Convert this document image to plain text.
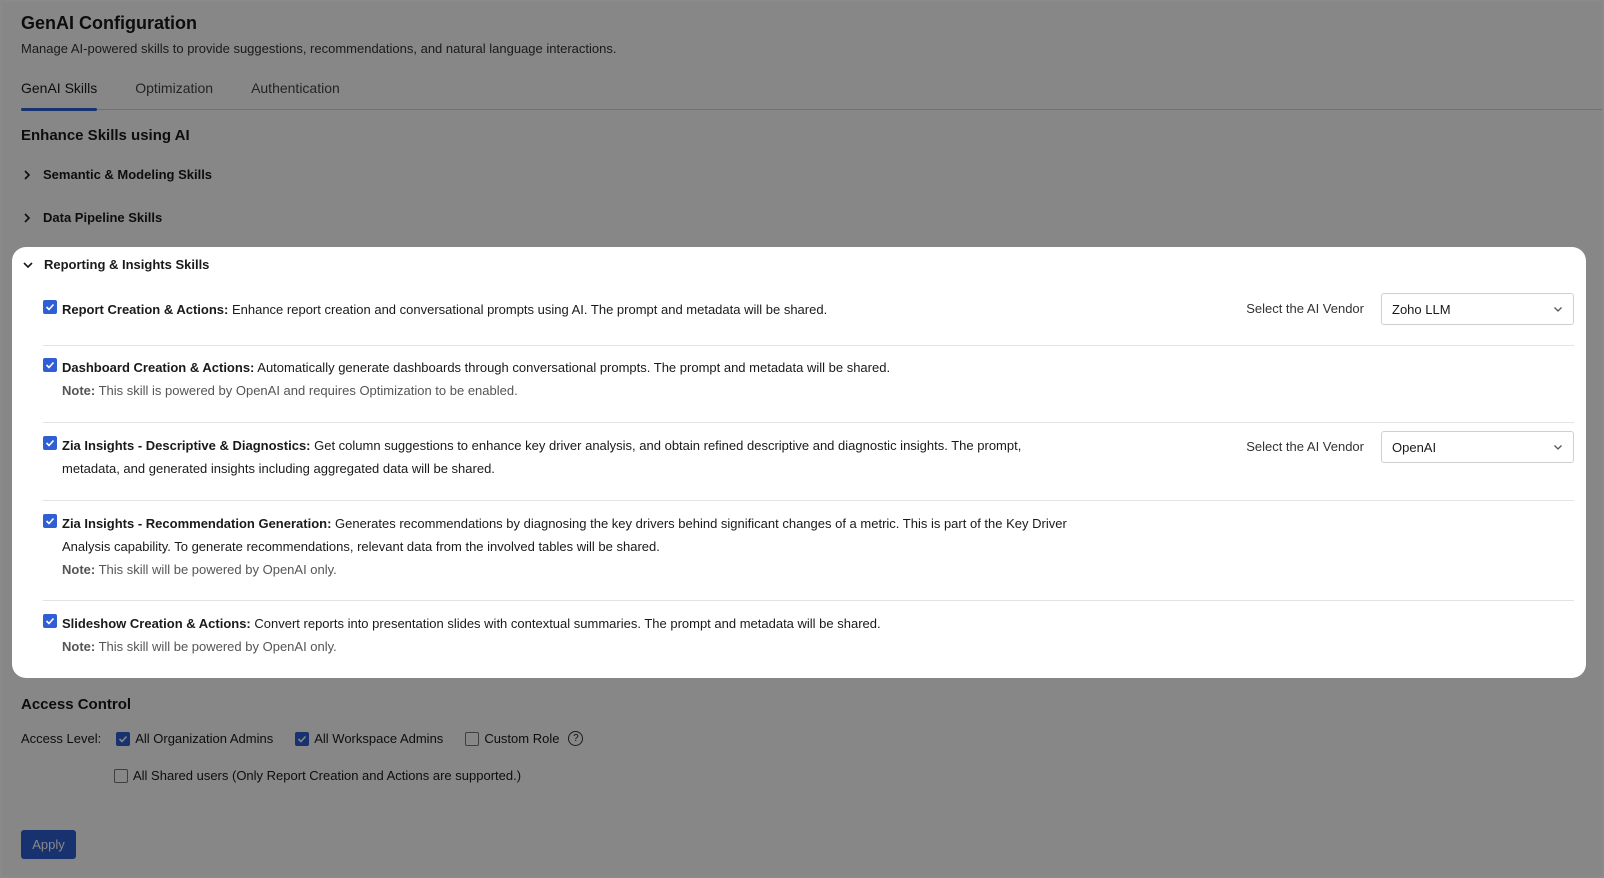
GenAI Configuration
Manage AI-powered skills to provide suggestions, recommendations, and natural language interactions.
GenAI Skills	Optimization	Authentication
Enhance Skills using AI
Semantic & Modeling Skills
Data Pipeline Skills
Access Control
Access Level:	All Organization Admins	All Workspace Admins	Custom Role	?
All Shared users (Only Report Creation and Actions are supported.)
Apply
Reporting & Insights Skills
Report Creation & Actions: Enhance report creation and conversational prompts using AI. The prompt and metadata will be shared.	Select the AI Vendor Zoho LLM
Dashboard Creation & Actions: Automatically generate dashboards through conversational prompts. The prompt and metadata will be shared.
Note: This skill is powered by OpenAI and requires Optimization to be enabled.
Zia Insights - Descriptive & Diagnostics: Get column suggestions to enhance key driver analysis, and obtain refined descriptive and diagnostic insights. The prompt, metadata, and generated insights including aggregated data will be shared.
Select the AI Vendor OpenAI
Zia Insights - Recommendation Generation: Generates recommendations by diagnosing the key drivers behind significant changes of a metric. This is part of the Key Driver Analysis capability. To generate recommendations, relevant data from the involved tables will be shared.
Note: This skill will be powered by OpenAI only.
Slideshow Creation & Actions: Convert reports into presentation slides with contextual summaries. The prompt and metadata will be shared.
Note: This skill will be powered by OpenAI only.
